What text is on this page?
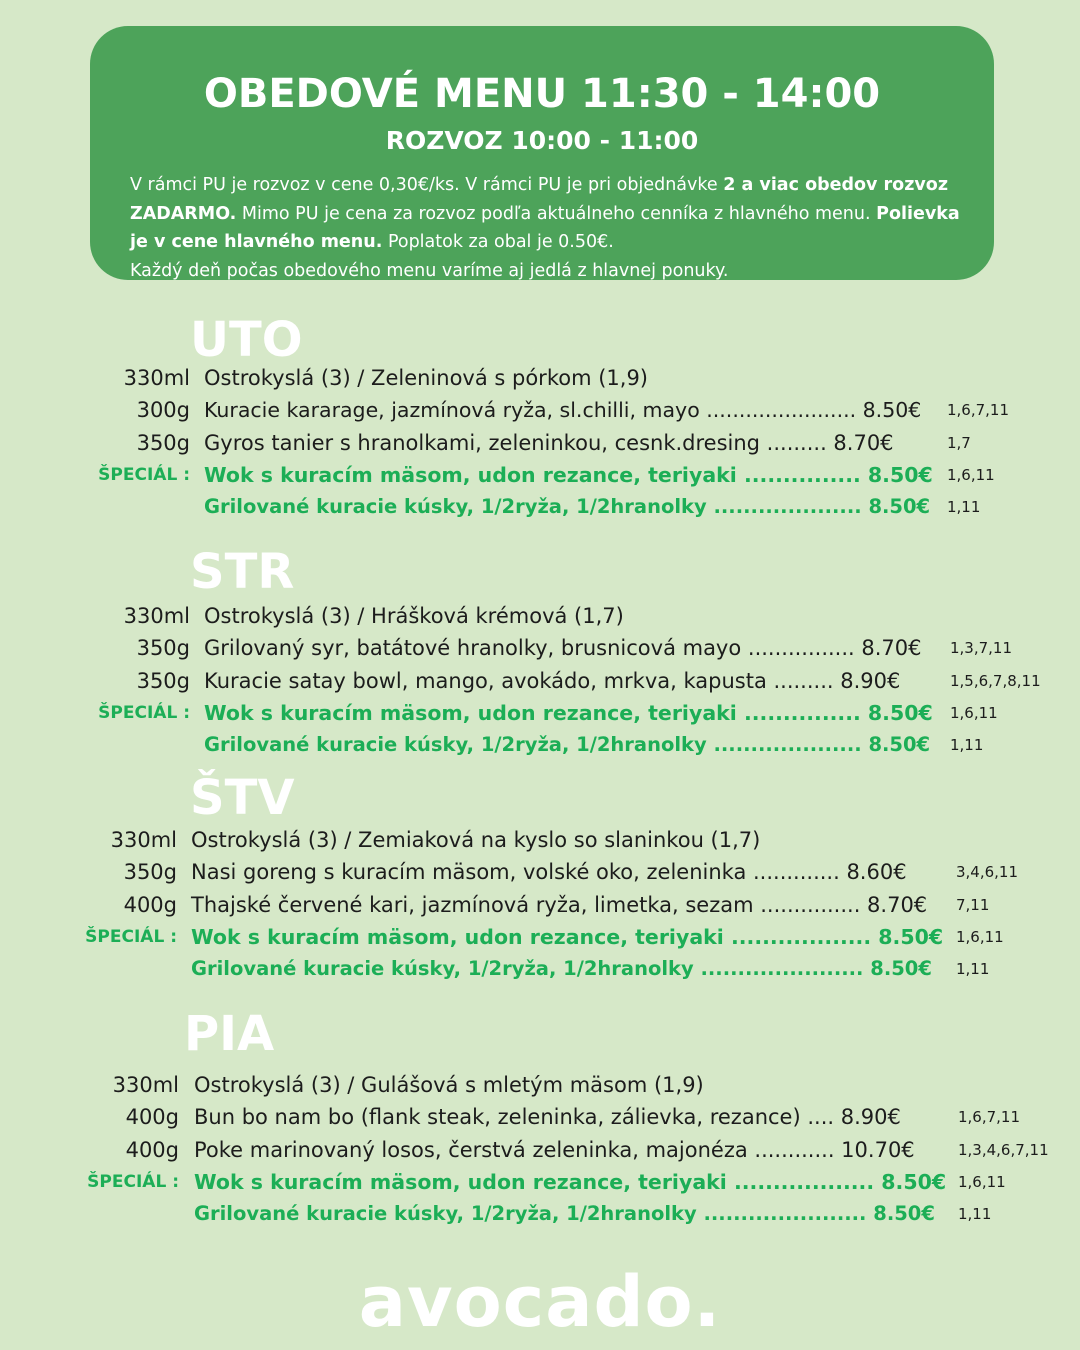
OBEDOVÉ MENU 11:30 - 14:00
ROZVOZ 10:00 - 11:00
V rámci PU je rozvoz v cene 0,30€/ks. V rámci PU je pri objednávke 2 a viac obedov rozvoz ZADARMO. Mimo PU je cena za rozvoz podľa aktuálneho cenníka z hlavného menu. Polievka je v cene hlavného menu. Poplatok za obal je 0.50€.
Každý deň počas obedového menu varíme aj jedlá z hlavnej ponuky.
UTO
330ml Ostrokyslá (3) / Zeleninová s pórkom (1,9)
300g Kuracie kararage, jazmínová ryža, sl.chilli, mayo ....................... 8.50€ 1,6,7,11
350g Gyros tanier s hranolkami, zeleninkou, cesnk.dresing ......... 8.70€	1,7
ŠPECIÁL : Wok s kuracím mäsom, udon rezance, teriyaki ............... 8.50€ 1,6,11
Grilované kuracie kúsky, 1/2ryža, 1/2hranolky .................... 8.50€ 1,11
STR
330ml Ostrokyslá (3) / Hrášková krémová (1,7)
350g Grilovaný syr, batátové hranolky, brusnicová mayo ................ 8.70€ 1,3,7,11
350g Kuracie satay bowl, mango, avokádo, mrkva, kapusta ......... 8.90€	1,5,6,7,8,11
ŠPECIÁL : Wok s kuracím mäsom, udon rezance, teriyaki ............... 8.50€ 1,6,11
Grilované kuracie kúsky, 1/2ryža, 1/2hranolky .................... 8.50€ 1,11
ŠTV
330ml Ostrokyslá (3) / Zemiaková na kyslo so slaninkou (1,7)
350g Nasi goreng s kuracím mäsom, volské oko, zeleninka ............. 8.60€	3,4,6,11
400g Thajské červené kari, jazmínová ryža, limetka, sezam ............... 8.70€ 7,11
ŠPECIÁL : Wok s kuracím mäsom, udon rezance, teriyaki .................. 8.50€ 1,6,11
Grilované kuracie kúsky, 1/2ryža, 1/2hranolky ...................... 8.50€ 1,11
PIA
330ml Ostrokyslá (3) / Gulášová s mletým mäsom (1,9)
400g Bun bo nam bo (flank steak, zeleninka, zálievka, rezance) .... 8.90€	1,6,7,11
400g Poke marinovaný losos, čerstvá zeleninka, majonéza ............ 10.70€	1,3,4,6,7,11
ŠPECIÁL : Wok s kuracím mäsom, udon rezance, teriyaki .................. 8.50€ 1,6,11
Grilované kuracie kúsky, 1/2ryža, 1/2hranolky ...................... 8.50€ 1,11
avocado.
